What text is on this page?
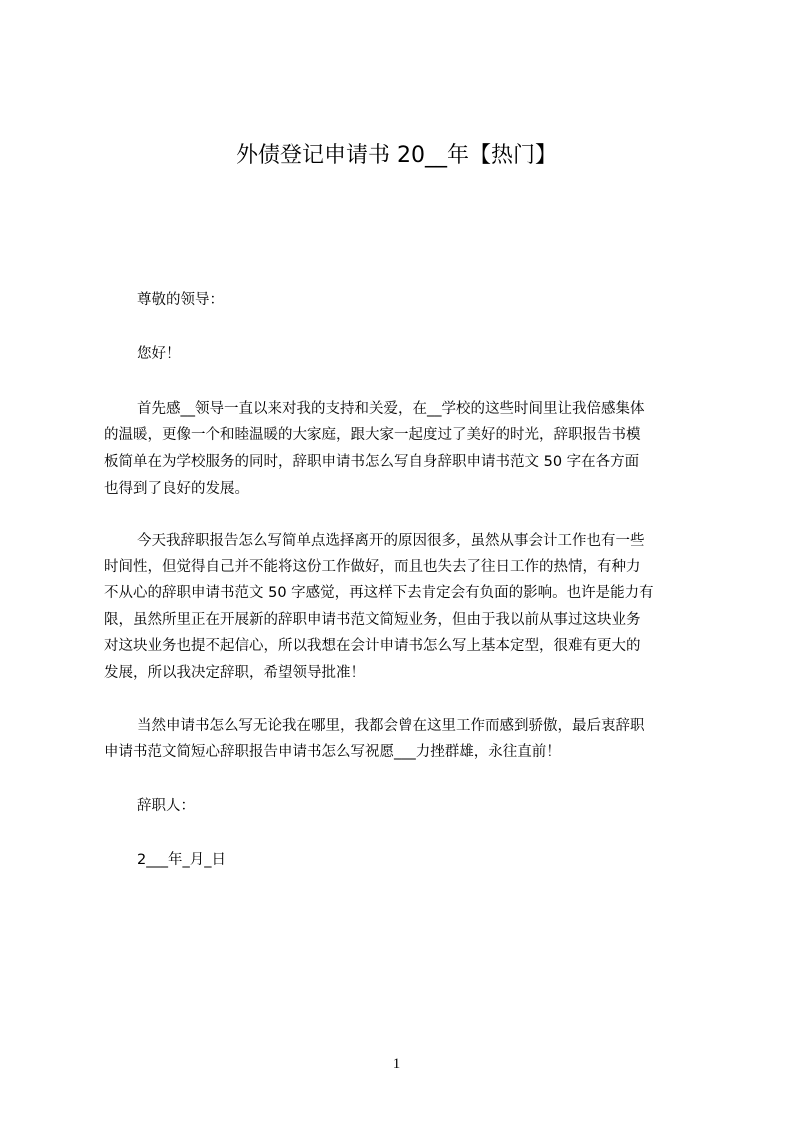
外债登记申请书 20__年【热门】
尊敬的领导：
您好！
首先感__领导一直以来对我的支持和关爱，在__学校的这些时间里让我倍感集体
的温暖，更像一个和睦温暖的大家庭，跟大家一起度过了美好的时光，辞职报告书模
板简单在为学校服务的同时，辞职申请书怎么写自身辞职申请书范文 50 字在各方面
也得到了良好的发展。
今天我辞职报告怎么写简单点选择离开的原因很多，虽然从事会计工作也有一些
时间性，但觉得自己并不能将这份工作做好，而且也失去了往日工作的热情，有种力
不从心的辞职申请书范文 50 字感觉，再这样下去肯定会有负面的影响。也许是能力有
限，虽然所里正在开展新的辞职申请书范文简短业务，但由于我以前从事过这块业务
对这块业务也提不起信心，所以我想在会计申请书怎么写上基本定型，很难有更大的
发展，所以我决定辞职，希望领导批准！
当然申请书怎么写无论我在哪里，我都会曾在这里工作而感到骄傲，最后衷辞职
申请书范文简短心辞职报告申请书怎么写祝愿___力挫群雄，永往直前！
辞职人：
2___年_月_日
1
